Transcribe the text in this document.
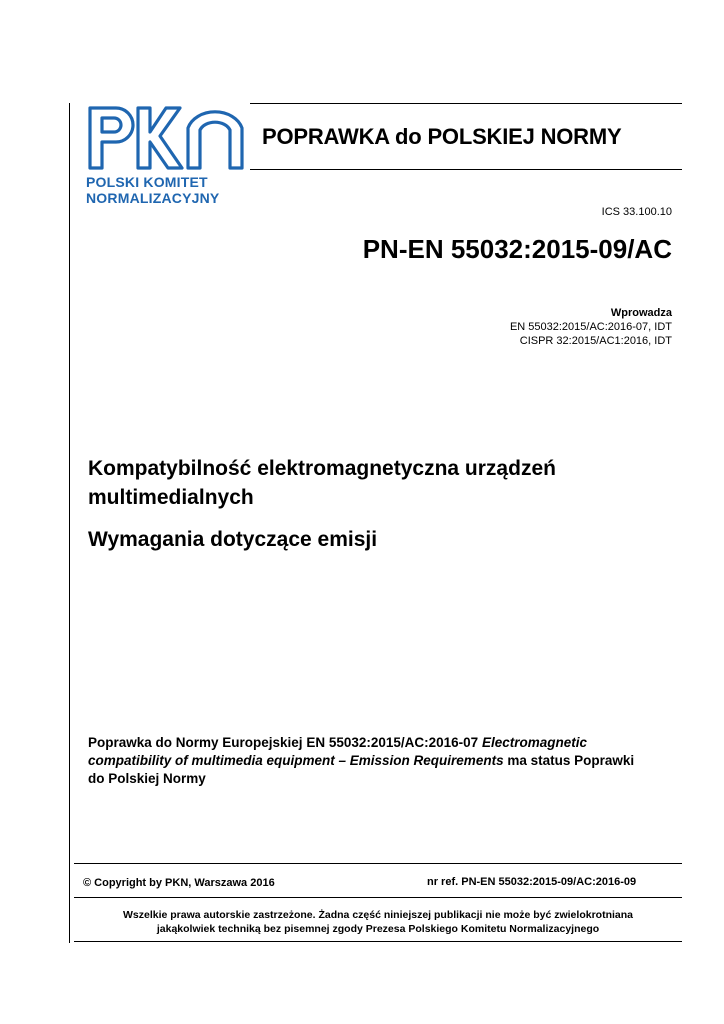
POLSKI KOMITET
NORMALIZACYJNY
POPRAWKA do POLSKIEJ NORMY
ICS 33.100.10
PN-EN 55032:2015-09/AC
Wprowadza
EN 55032:2015/AC:2016-07, IDT
CISPR 32:2015/AC1:2016, IDT
Kompatybilność elektromagnetyczna urządzeń
multimedialnych
Wymagania dotyczące emisji
Poprawka do Normy Europejskiej EN 55032:2015/AC:2016-07 Electromagnetic compatibility of multimedia equipment – Emission Requirements ma status Poprawki do Polskiej Normy
© Copyright by PKN, Warszawa 2016	nr ref. PN-EN 55032:2015-09/AC:2016-09
Wszelkie prawa autorskie zastrzeżone. Żadna część niniejszej publikacji nie może być zwielokrotniana
jakąkolwiek techniką bez pisemnej zgody Prezesa Polskiego Komitetu Normalizacyjnego
